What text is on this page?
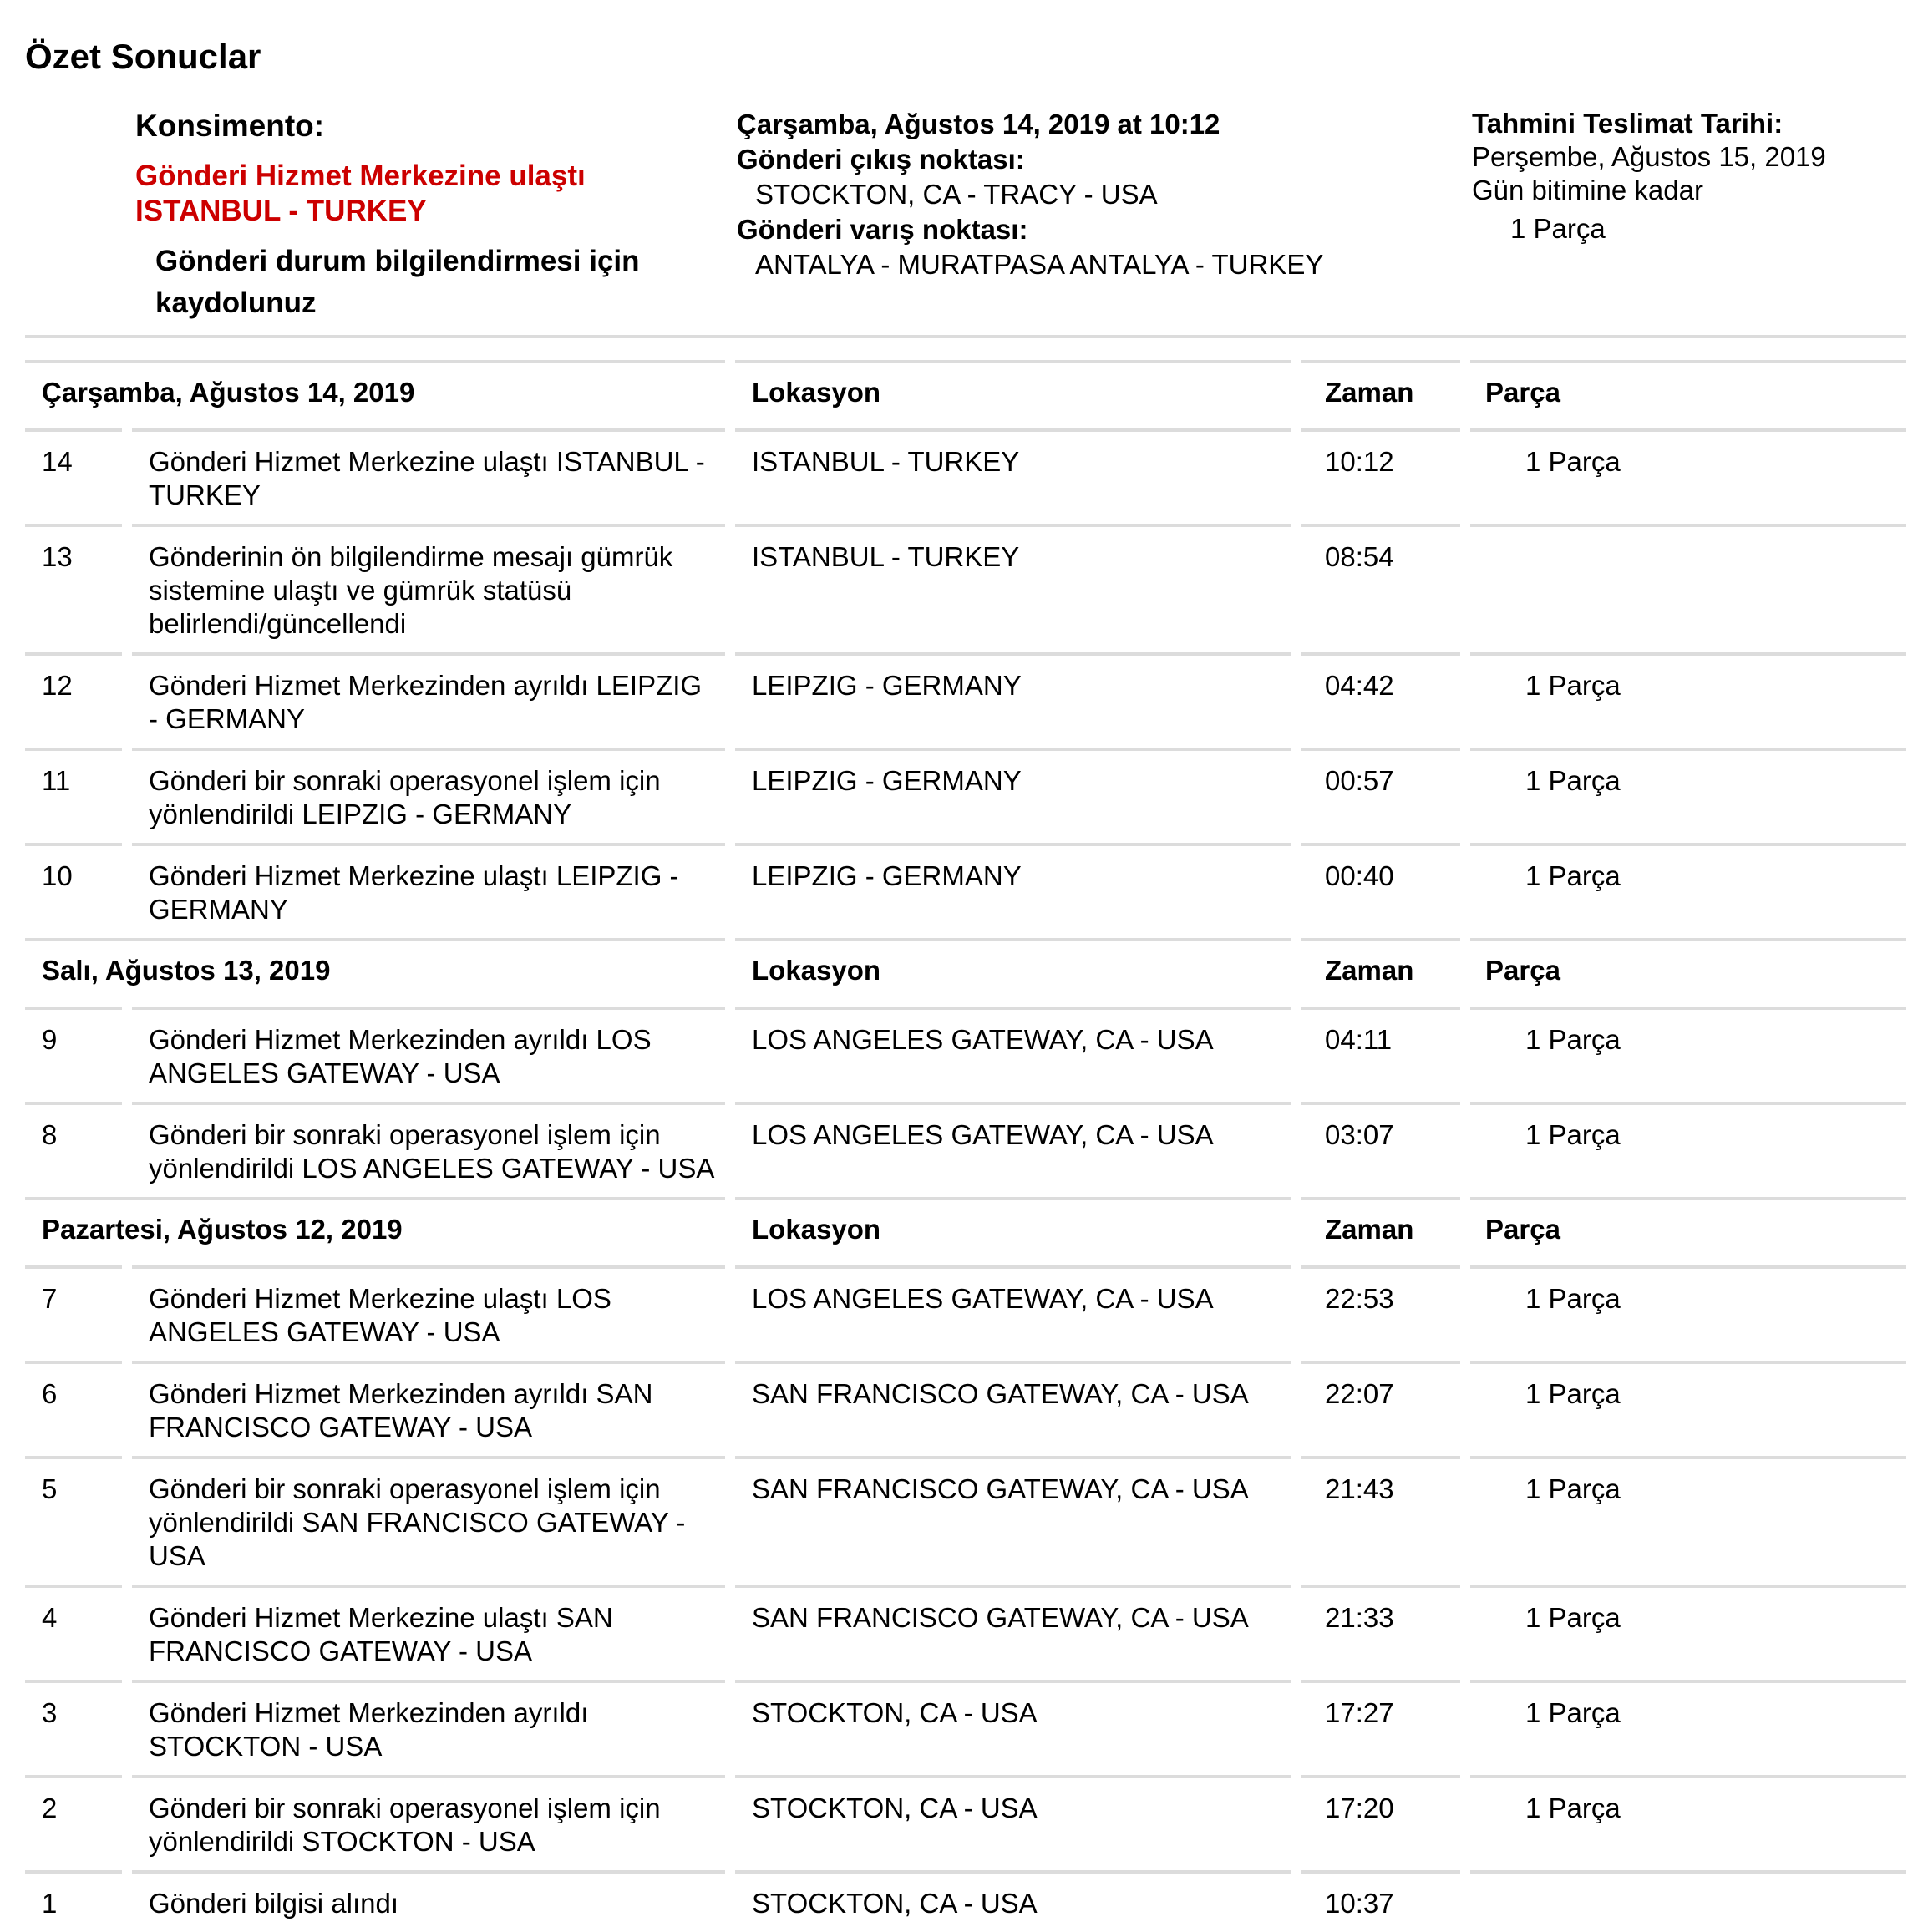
Özet Sonuclar
Konsimento:
Gönderi Hizmet Merkezine ulaştı
ISTANBUL - TURKEY
Gönderi durum bilgilendirmesi için kaydolunuz
Çarşamba, Ağustos 14, 2019 at 10:12
Gönderi çıkış noktası:
STOCKTON, CA - TRACY - USA
Gönderi varış noktası:
ANTALYA - MURATPASA ANTALYA - TURKEY
Tahmini Teslimat Tarihi:
Perşembe, Ağustos 15, 2019
Gün bitimine kadar
1 Parça
Çarşamba, Ağustos 14, 2019				Lokasyon		Zaman		Parça

14		Gönderi Hizmet Merkezine ulaştı ISTANBUL - TURKEY		ISTANBUL - TURKEY		10:12		1 Parça

13		Gönderinin ön bilgilendirme mesajı gümrük sistemine ulaştı ve gümrük statüsü belirlendi/güncellendi		ISTANBUL - TURKEY		08:54		

12		Gönderi Hizmet Merkezinden ayrıldı LEIPZIG - GERMANY		LEIPZIG - GERMANY		04:42		1 Parça

11		Gönderi bir sonraki operasyonel işlem için yönlendirildi LEIPZIG - GERMANY		LEIPZIG - GERMANY		00:57		1 Parça

10		Gönderi Hizmet Merkezine ulaştı LEIPZIG - GERMANY		LEIPZIG - GERMANY		00:40		1 Parça

Salı, Ağustos 13, 2019				Lokasyon		Zaman		Parça

9		Gönderi Hizmet Merkezinden ayrıldı LOS ANGELES GATEWAY - USA		LOS ANGELES GATEWAY, CA - USA		04:11		1 Parça

8		Gönderi bir sonraki operasyonel işlem için yönlendirildi LOS ANGELES GATEWAY - USA		LOS ANGELES GATEWAY, CA - USA		03:07		1 Parça

Pazartesi, Ağustos 12, 2019				Lokasyon		Zaman		Parça

7		Gönderi Hizmet Merkezine ulaştı LOS ANGELES GATEWAY - USA		LOS ANGELES GATEWAY, CA - USA		22:53		1 Parça

6		Gönderi Hizmet Merkezinden ayrıldı SAN FRANCISCO GATEWAY - USA		SAN FRANCISCO GATEWAY, CA - USA		22:07		1 Parça

5		Gönderi bir sonraki operasyonel işlem için yönlendirildi SAN FRANCISCO GATEWAY - USA		SAN FRANCISCO GATEWAY, CA - USA		21:43		1 Parça

4		Gönderi Hizmet Merkezine ulaştı SAN FRANCISCO GATEWAY - USA		SAN FRANCISCO GATEWAY, CA - USA		21:33		1 Parça

3		Gönderi Hizmet Merkezinden ayrıldı STOCKTON - USA		STOCKTON, CA - USA		17:27		1 Parça

2		Gönderi bir sonraki operasyonel işlem için yönlendirildi STOCKTON - USA		STOCKTON, CA - USA		17:20		1 Parça

1		Gönderi bilgisi alındı		STOCKTON, CA - USA		10:37		
